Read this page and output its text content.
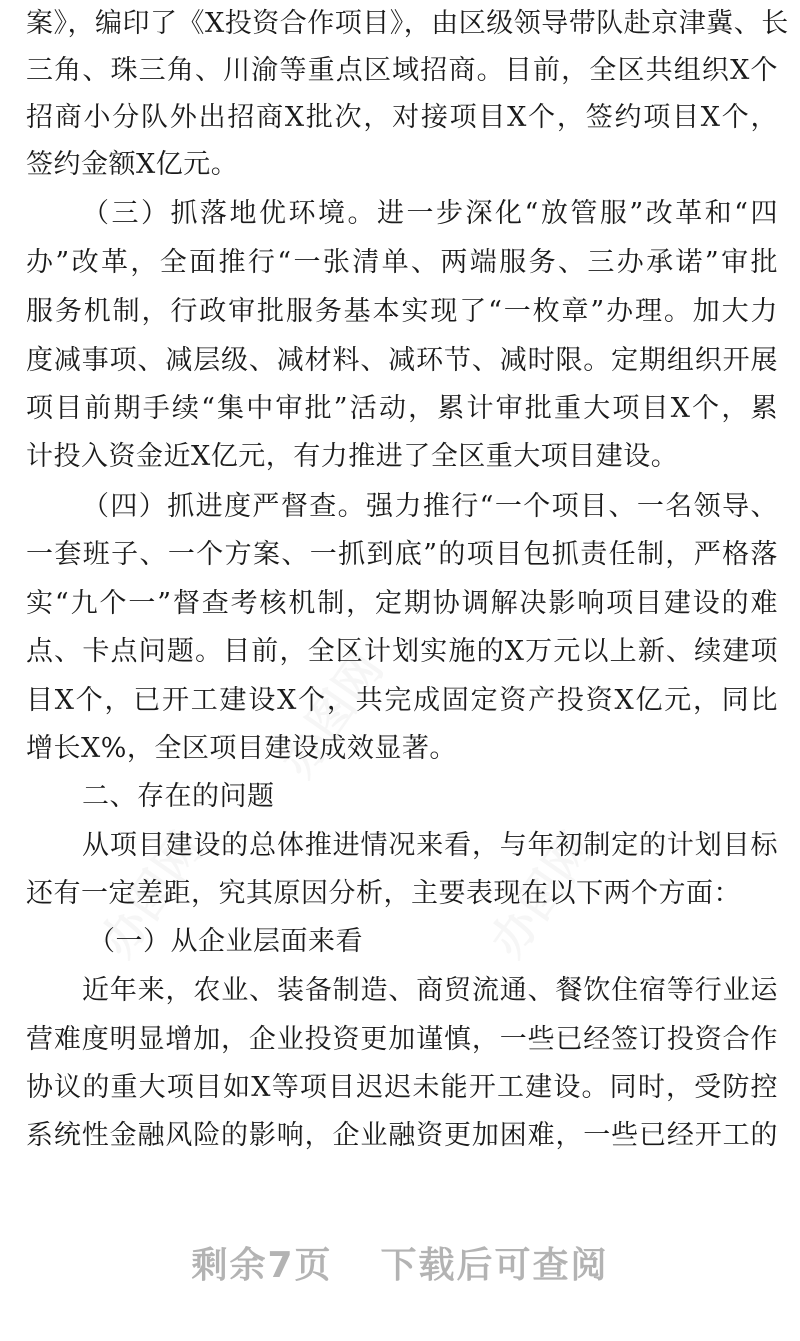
案》，编印了《X投资合作项目》，由区级领导带队赴京津冀、长
三角、珠三角、川渝等重点区域招商。目前，全区共组织X个
招商小分队外出招商X批次，对接项目X个，签约项目X个，
签约金额X亿元。
（三）抓落地优环境。进一步深化“放管服”改革和“四
办”改革，全面推行“一张清单、两端服务、三办承诺”审批
服务机制，行政审批服务基本实现了“一枚章”办理。加大力
度减事项、减层级、减材料、减环节、减时限。定期组织开展
项目前期手续“集中审批”活动，累计审批重大项目X个，累
计投入资金近X亿元，有力推进了全区重大项目建设。
（四）抓进度严督查。强力推行“一个项目、一名领导、
一套班子、一个方案、一抓到底”的项目包抓责任制，严格落
实“九个一”督查考核机制，定期协调解决影响项目建设的难
点、卡点问题。目前，全区计划实施的X万元以上新、续建项
目X个，已开工建设X个，共完成固定资产投资X亿元，同比
增长X%，全区项目建设成效显著。
二、存在的问题
从项目建设的总体推进情况来看，与年初制定的计划目标
还有一定差距，究其原因分析，主要表现在以下两个方面：
（一）从企业层面来看
近年来，农业、装备制造、商贸流通、餐饮住宿等行业运
营难度明显增加，企业投资更加谨慎，一些已经签订投资合作
协议的重大项目如X等项目迟迟未能开工建设。同时，受防控
系统性金融风险的影响，企业融资更加困难，一些已经开工的
剩余7页 下载后可查阅
